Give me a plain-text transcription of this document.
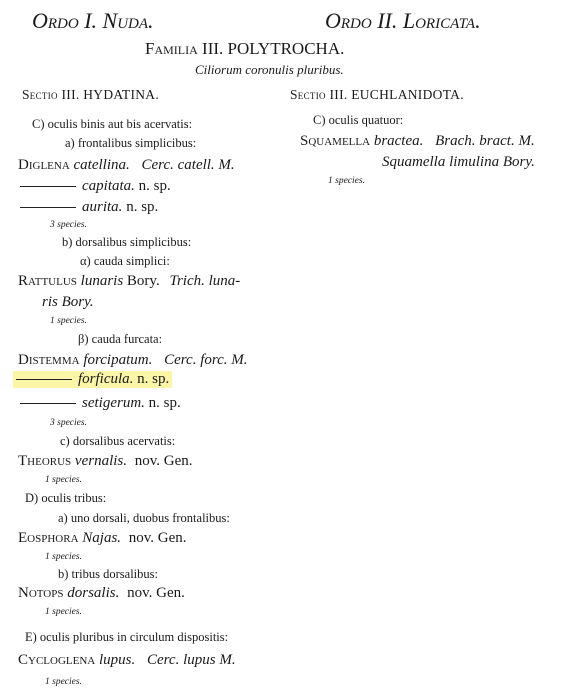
Ordo I. Nuda.	Ordo II. Loricata.
Familia III. POLYTROCHA.
Ciliorum coronulis pluribus.
Sectio III. HYDATINA.
C) oculis binis aut bis acervatis:
a) frontalibus simplicibus:
Diglena catellina. Cerc. catell. M.
capitata. n. sp.
aurita. n. sp.
3 species.
b) dorsalibus simplicibus:
α) cauda simplici:
Rattulus lunaris Bory. Trich. luna-
ris Bory.
1 species.
β) cauda furcata:
Distemma forcipatum. Cerc. forc. M.
forficula. n. sp.
setigerum. n. sp.
3 species.
c) dorsalibus acervatis:
Theorus vernalis. nov. Gen.
1 species.
D) oculis tribus:
a) uno dorsali, duobus frontalibus:
Eosphora Najas. nov. Gen.
1 species.
b) tribus dorsalibus:
Notops dorsalis. nov. Gen.
1 species.
E) oculis pluribus in circulum dispositis:
Cycloglena lupus. Cerc. lupus M.
1 species.
Sectio III. EUCHLANIDOTA.
C) oculis quatuor:
Squamella bractea. Brach. bract. M.
Squamella limulina Bory.
1 species.
